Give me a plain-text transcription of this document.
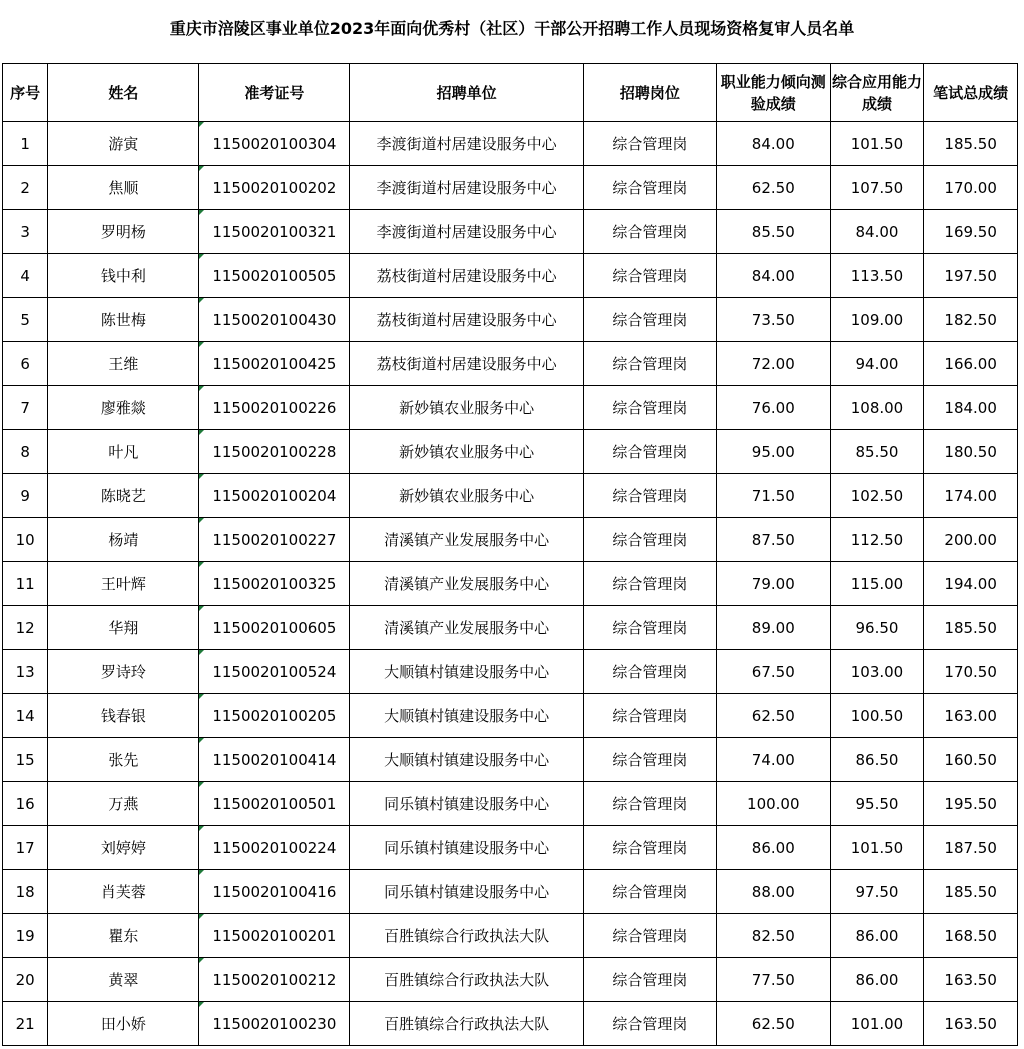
重庆市涪陵区事业单位2023年面向优秀村（社区）干部公开招聘工作人员现场资格复审人员名单
序号	姓名	准考证号	招聘单位	招聘岗位	职业能力倾向测验成绩	综合应用能力成绩	笔试总成绩
1	游寅	1150020100304	李渡街道村居建设服务中心	综合管理岗	84.00	101.50	185.50
2	焦顺	1150020100202	李渡街道村居建设服务中心	综合管理岗	62.50	107.50	170.00
3	罗明杨	1150020100321	李渡街道村居建设服务中心	综合管理岗	85.50	84.00	169.50
4	钱中利	1150020100505	荔枝街道村居建设服务中心	综合管理岗	84.00	113.50	197.50
5	陈世梅	1150020100430	荔枝街道村居建设服务中心	综合管理岗	73.50	109.00	182.50
6	王维	1150020100425	荔枝街道村居建设服务中心	综合管理岗	72.00	94.00	166.00
7	廖雅燚	1150020100226	新妙镇农业服务中心	综合管理岗	76.00	108.00	184.00
8	叶凡	1150020100228	新妙镇农业服务中心	综合管理岗	95.00	85.50	180.50
9	陈晓艺	1150020100204	新妙镇农业服务中心	综合管理岗	71.50	102.50	174.00
10	杨靖	1150020100227	清溪镇产业发展服务中心	综合管理岗	87.50	112.50	200.00
11	王叶辉	1150020100325	清溪镇产业发展服务中心	综合管理岗	79.00	115.00	194.00
12	华翔	1150020100605	清溪镇产业发展服务中心	综合管理岗	89.00	96.50	185.50
13	罗诗玲	1150020100524	大顺镇村镇建设服务中心	综合管理岗	67.50	103.00	170.50
14	钱春银	1150020100205	大顺镇村镇建设服务中心	综合管理岗	62.50	100.50	163.00
15	张先	1150020100414	大顺镇村镇建设服务中心	综合管理岗	74.00	86.50	160.50
16	万燕	1150020100501	同乐镇村镇建设服务中心	综合管理岗	100.00	95.50	195.50
17	刘婷婷	1150020100224	同乐镇村镇建设服务中心	综合管理岗	86.00	101.50	187.50
18	肖芙蓉	1150020100416	同乐镇村镇建设服务中心	综合管理岗	88.00	97.50	185.50
19	瞿东	1150020100201	百胜镇综合行政执法大队	综合管理岗	82.50	86.00	168.50
20	黄翠	1150020100212	百胜镇综合行政执法大队	综合管理岗	77.50	86.00	163.50
21	田小娇	1150020100230	百胜镇综合行政执法大队	综合管理岗	62.50	101.00	163.50
